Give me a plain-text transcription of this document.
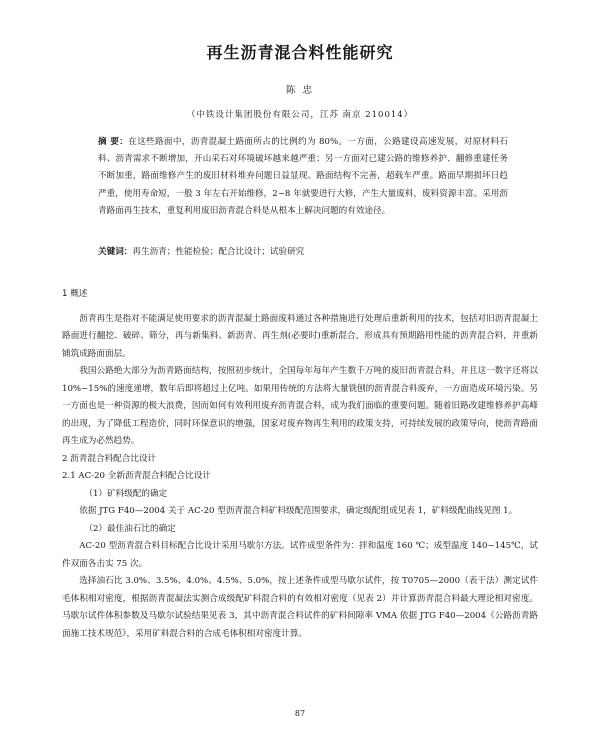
再生沥青混合料性能研究
陈 忠
（中铁设计集团股份有限公司，江苏 南京 210014）
摘 要：在这些路面中，沥青混凝土路面所占的比例约为 80%。一方面，公路建设高速发展，对原材料石料、沥青需求不断增加，开山采石对环境破坏越来越严重；另一方面对已建公路的维修养护、翻修重建任务不断加重，路面维修产生的废旧材料堆弃问题日益显现。路面结构不完善，超载车严重。路面早期损坏日趋严重，使用寿命短，一般 3 年左右开始维修，2~8 年就要进行大修，产生大量废料，废料资源丰富。采用沥青路面再生技术，重复利用废旧沥青混合料是从根本上解决问题的有效途径。
关键词：再生沥青；性能检验；配合比设计；试验研究

1 概述

沥青再生是指对不能满足使用要求的沥青混凝土路面废料通过各种措施进行处理后重新利用的技术，包括对旧沥青混凝土路面进行翻挖、破碎、筛分，再与新集料、新沥青、再生剂(必要时)重新混合，形成具有预期路用性能的沥青混合料，并重新铺筑成路面面层。

我国公路绝大部分为沥青路面结构，按照初步统计，全国每年每年产生数千万吨的废旧沥青混合料，并且这一数字还将以 10%~15%的速度递增，数年后即将超过上亿吨。如果用传统的方法将大量铣刨的沥青混合料废弃，一方面造成环境污染。另一方面也是一种资源的极大浪费，因而如何有效利用废弃沥青混合料，成为我们面临的重要问题。随着旧路改建维修养护高峰的出现，为了降低工程造价，同时环保意识的增强，国家对废弃物再生利用的政策支持，可持续发展的政策导向，使沥青路面再生成为必然趋势。

2 沥青混合料配合比设计

2.1 AC-20 全新沥青混合料配合比设计

（1）矿料级配的确定

依据 JTG F40—2004 关于 AC-20 型沥青混合料矿料级配范围要求，确定级配组成见表 1，矿料级配曲线见图 1。

（2）最佳油石比的确定

AC-20 型沥青混合料目标配合比设计采用马歇尔方法。试件成型条件为：拌和温度 160 ℃；成型温度 140~145℃，试件双面各击实 75 次。

选择油石比 3.0%、3.5%、4.0%、4.5%、5.0%，按上述条件成型马歇尔试件，按 T0705—2000（表干法）测定试件毛体积相对密度，根据沥青混凝法实测合成级配矿料混合料的有效相对密度（见表 2）并计算沥青混合料最大理论相对密度。马歇尔试件体积参数及马歇尔试验结果见表 3，其中沥青混合料试件的矿料间隙率 VMA 依据 JTG F40—2004《公路沥青路面施工技术规范》，采用矿料混合料的合成毛体积相对密度计算。

87
